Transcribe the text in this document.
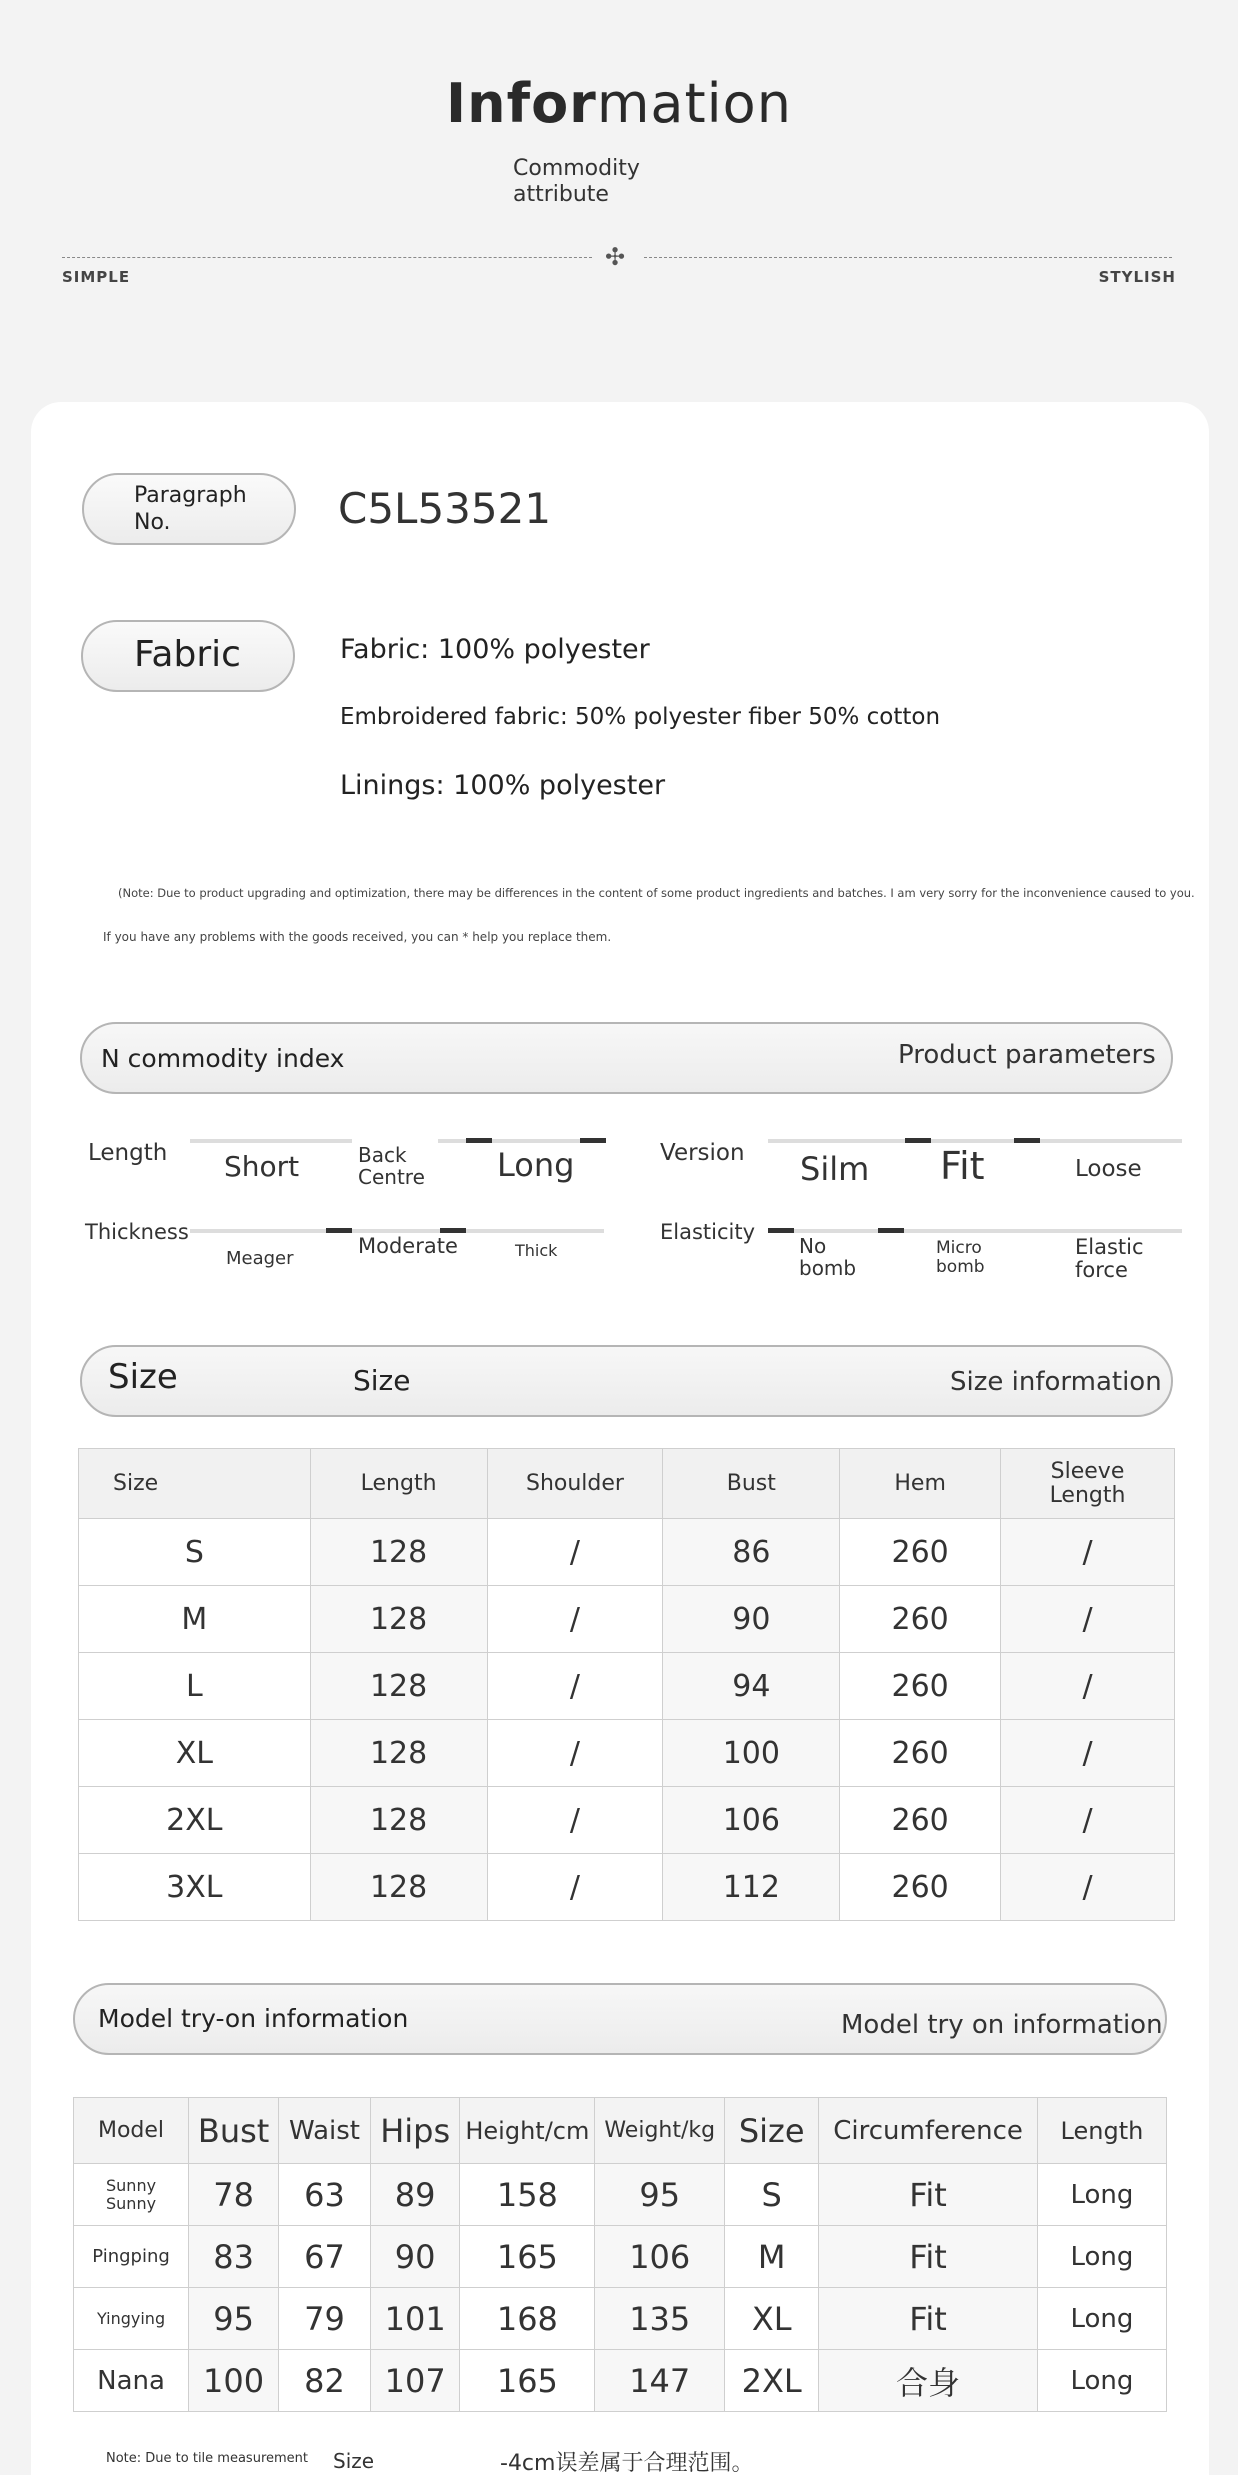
Information
Commodity attribute
✣
SIMPLE	STYLISH
Paragraph No.	C5L53521
Fabric	Fabric: 100% polyester
Embroidered fabric: 50% polyester fiber 50% cotton
Linings: 100% polyester
(Note: Due to product upgrading and optimization, there may be differences in the content of some product ingredients and batches. I am very sorry for the inconvenience caused to you.
If you have any problems with the goods received, you can * help you replace them.
N commodity index	Product parameters
Length Short	Back Centre Long	Version Silm Fit	Loose
Thickness
Meager
Moderate	Thick
Elasticity
No bomb
Micro bomb
Elastic force
Size	Size	Size information
Size	Length	Shoulder	Bust	Hem	Sleeve Length
S	128	/	86	260	/
M	128	/	90	260	/
L	128	/	94	260	/
XL	128	/	100	260	/
2XL	128	/	106	260	/
3XL	128	/	112	260	/
Model try-on information	Model try on information
Model	Bust	Waist	Hips	Height/cm	Weight/kg	Size	Circumference	Length
Sunny Sunny	78	63	89	158	95	S	Fit	Long
Pingping	83	67	90	165	106	M	Fit	Long
Yingying	95	79	101	168	135	XL	Fit	Long
Nana	100	82	107	165	147	2XL	合身	Long
Note: Due to tile measurement Size	-4cm误差属于合理范围。
